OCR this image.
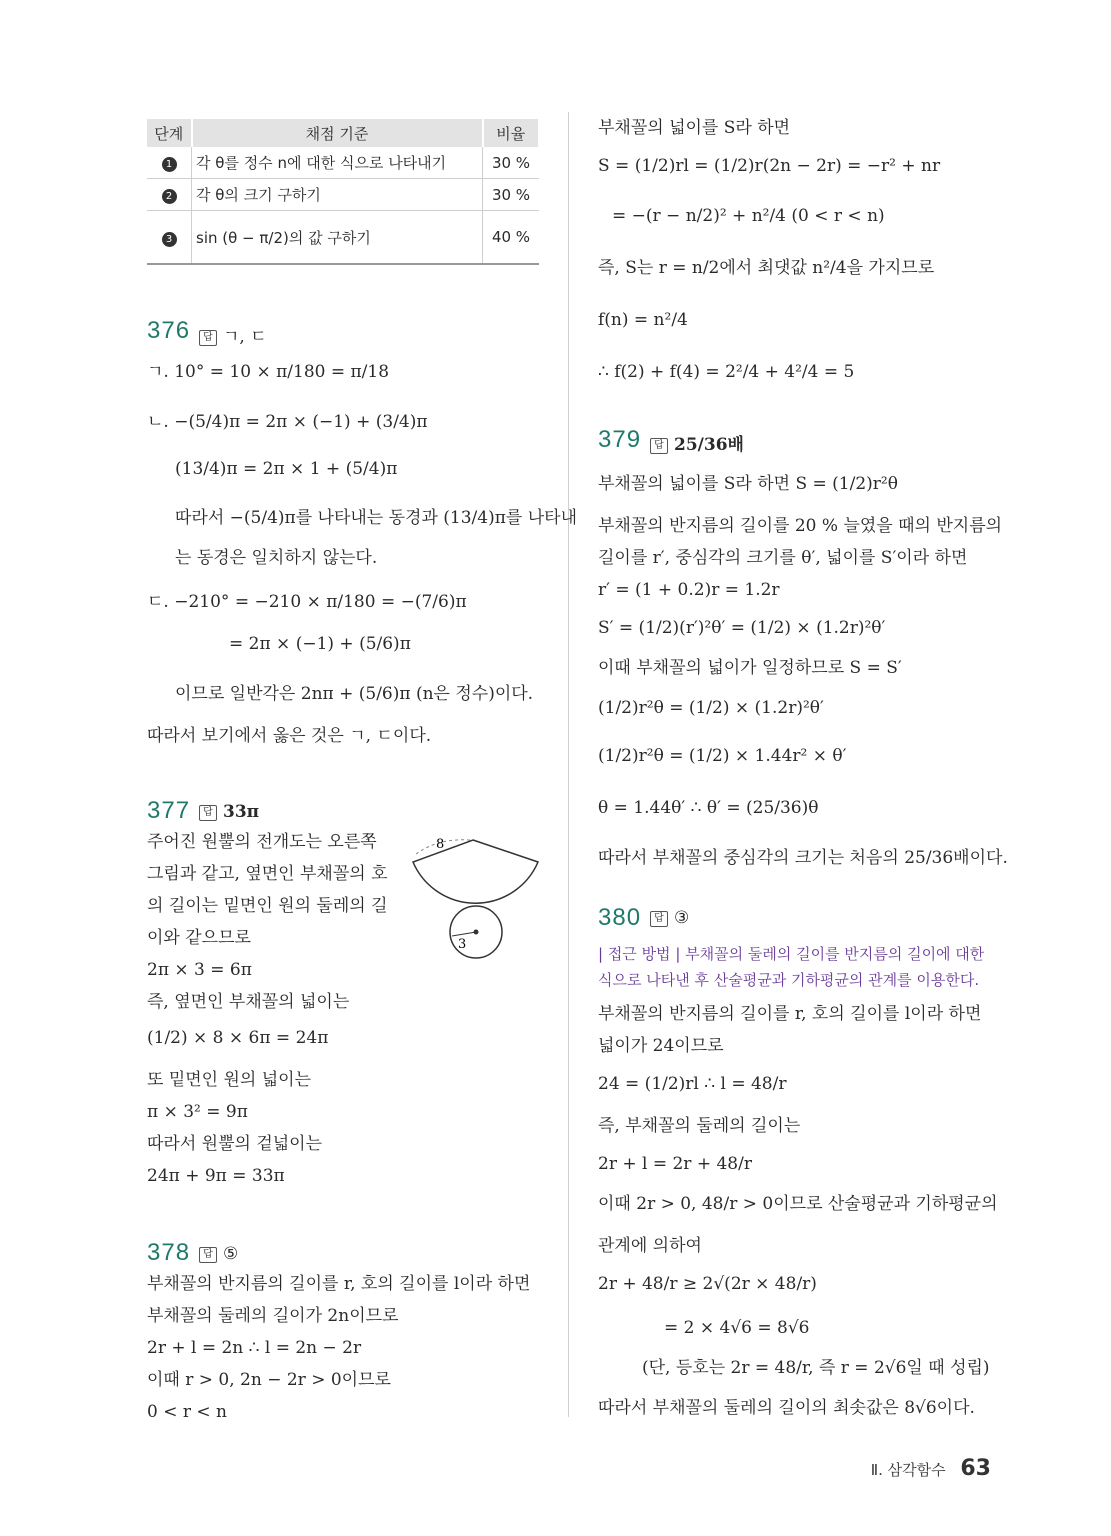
단계	채점 기준	비율
1	각 θ를 정수 n에 대한 식으로 나타내기	30 %
2	각 θ의 크기 구하기	30 %
3	sin (θ − π/2)의 값 구하기	40 %
376	답 ㄱ, ㄷ
ㄱ. 10° = 10 × π/180 = π/18
ㄴ. −(5/4)π = 2π × (−1) + (3/4)π
(13/4)π = 2π × 1 + (5/4)π
따라서 −(5/4)π를 나타내는 동경과 (13/4)π를 나타내
는 동경은 일치하지 않는다.
ㄷ. −210° = −210 × π/180 = −(7/6)π
= 2π × (−1) + (5/6)π
이므로 일반각은 2nπ + (5/6)π (n은 정수)이다.
따라서 보기에서 옳은 것은 ㄱ, ㄷ이다.
377	답 33π
주어진 원뿔의 전개도는 오른쪽
그림과 같고, 옆면인 부채꼴의 호
의 길이는 밑면인 원의 둘레의 길
이와 같으므로
2π × 3 = 6π
즉, 옆면인 부채꼴의 넓이는
(1/2) × 8 × 6π = 24π
또 밑면인 원의 넓이는
π × 3² = 9π
따라서 원뿔의 겉넓이는
24π + 9π = 33π
378	답 ⑤
부채꼴의 반지름의 길이를 r, 호의 길이를 l이라 하면
부채꼴의 둘레의 길이가 2n이므로
2r + l = 2n ∴ l = 2n − 2r
이때 r > 0, 2n − 2r > 0이므로
0 < r < n
8
3
부채꼴의 넓이를 S라 하면
S = (1/2)rl = (1/2)r(2n − 2r) = −r² + nr
= −(r − n/2)² + n²/4 (0 < r < n)
즉, S는 r = n/2에서 최댓값 n²/4을 가지므로
f(n) = n²/4
∴ f(2) + f(4) = 2²/4 + 4²/4 = 5
379	답 25/36배
부채꼴의 넓이를 S라 하면 S = (1/2)r²θ
부채꼴의 반지름의 길이를 20 % 늘였을 때의 반지름의
길이를 r′, 중심각의 크기를 θ′, 넓이를 S′이라 하면
r′ = (1 + 0.2)r = 1.2r
S′ = (1/2)(r′)²θ′ = (1/2) × (1.2r)²θ′
이때 부채꼴의 넓이가 일정하므로 S = S′
(1/2)r²θ = (1/2) × (1.2r)²θ′
(1/2)r²θ = (1/2) × 1.44r² × θ′
θ = 1.44θ′ ∴ θ′ = (25/36)θ
따라서 부채꼴의 중심각의 크기는 처음의 25/36배이다.
380	답 ③
| 접근 방법 | 부채꼴의 둘레의 길이를 반지름의 길이에 대한
식으로 나타낸 후 산술평균과 기하평균의 관계를 이용한다.
부채꼴의 반지름의 길이를 r, 호의 길이를 l이라 하면
넓이가 24이므로
24 = (1/2)rl ∴ l = 48/r
즉, 부채꼴의 둘레의 길이는
2r + l = 2r + 48/r
이때 2r > 0, 48/r > 0이므로 산술평균과 기하평균의
관계에 의하여
2r + 48/r ≥ 2√(2r × 48/r)
= 2 × 4√6 = 8√6
(단, 등호는 2r = 48/r, 즉 r = 2√6일 때 성립)
따라서 부채꼴의 둘레의 길이의 최솟값은 8√6이다.
Ⅱ. 삼각함수 63
